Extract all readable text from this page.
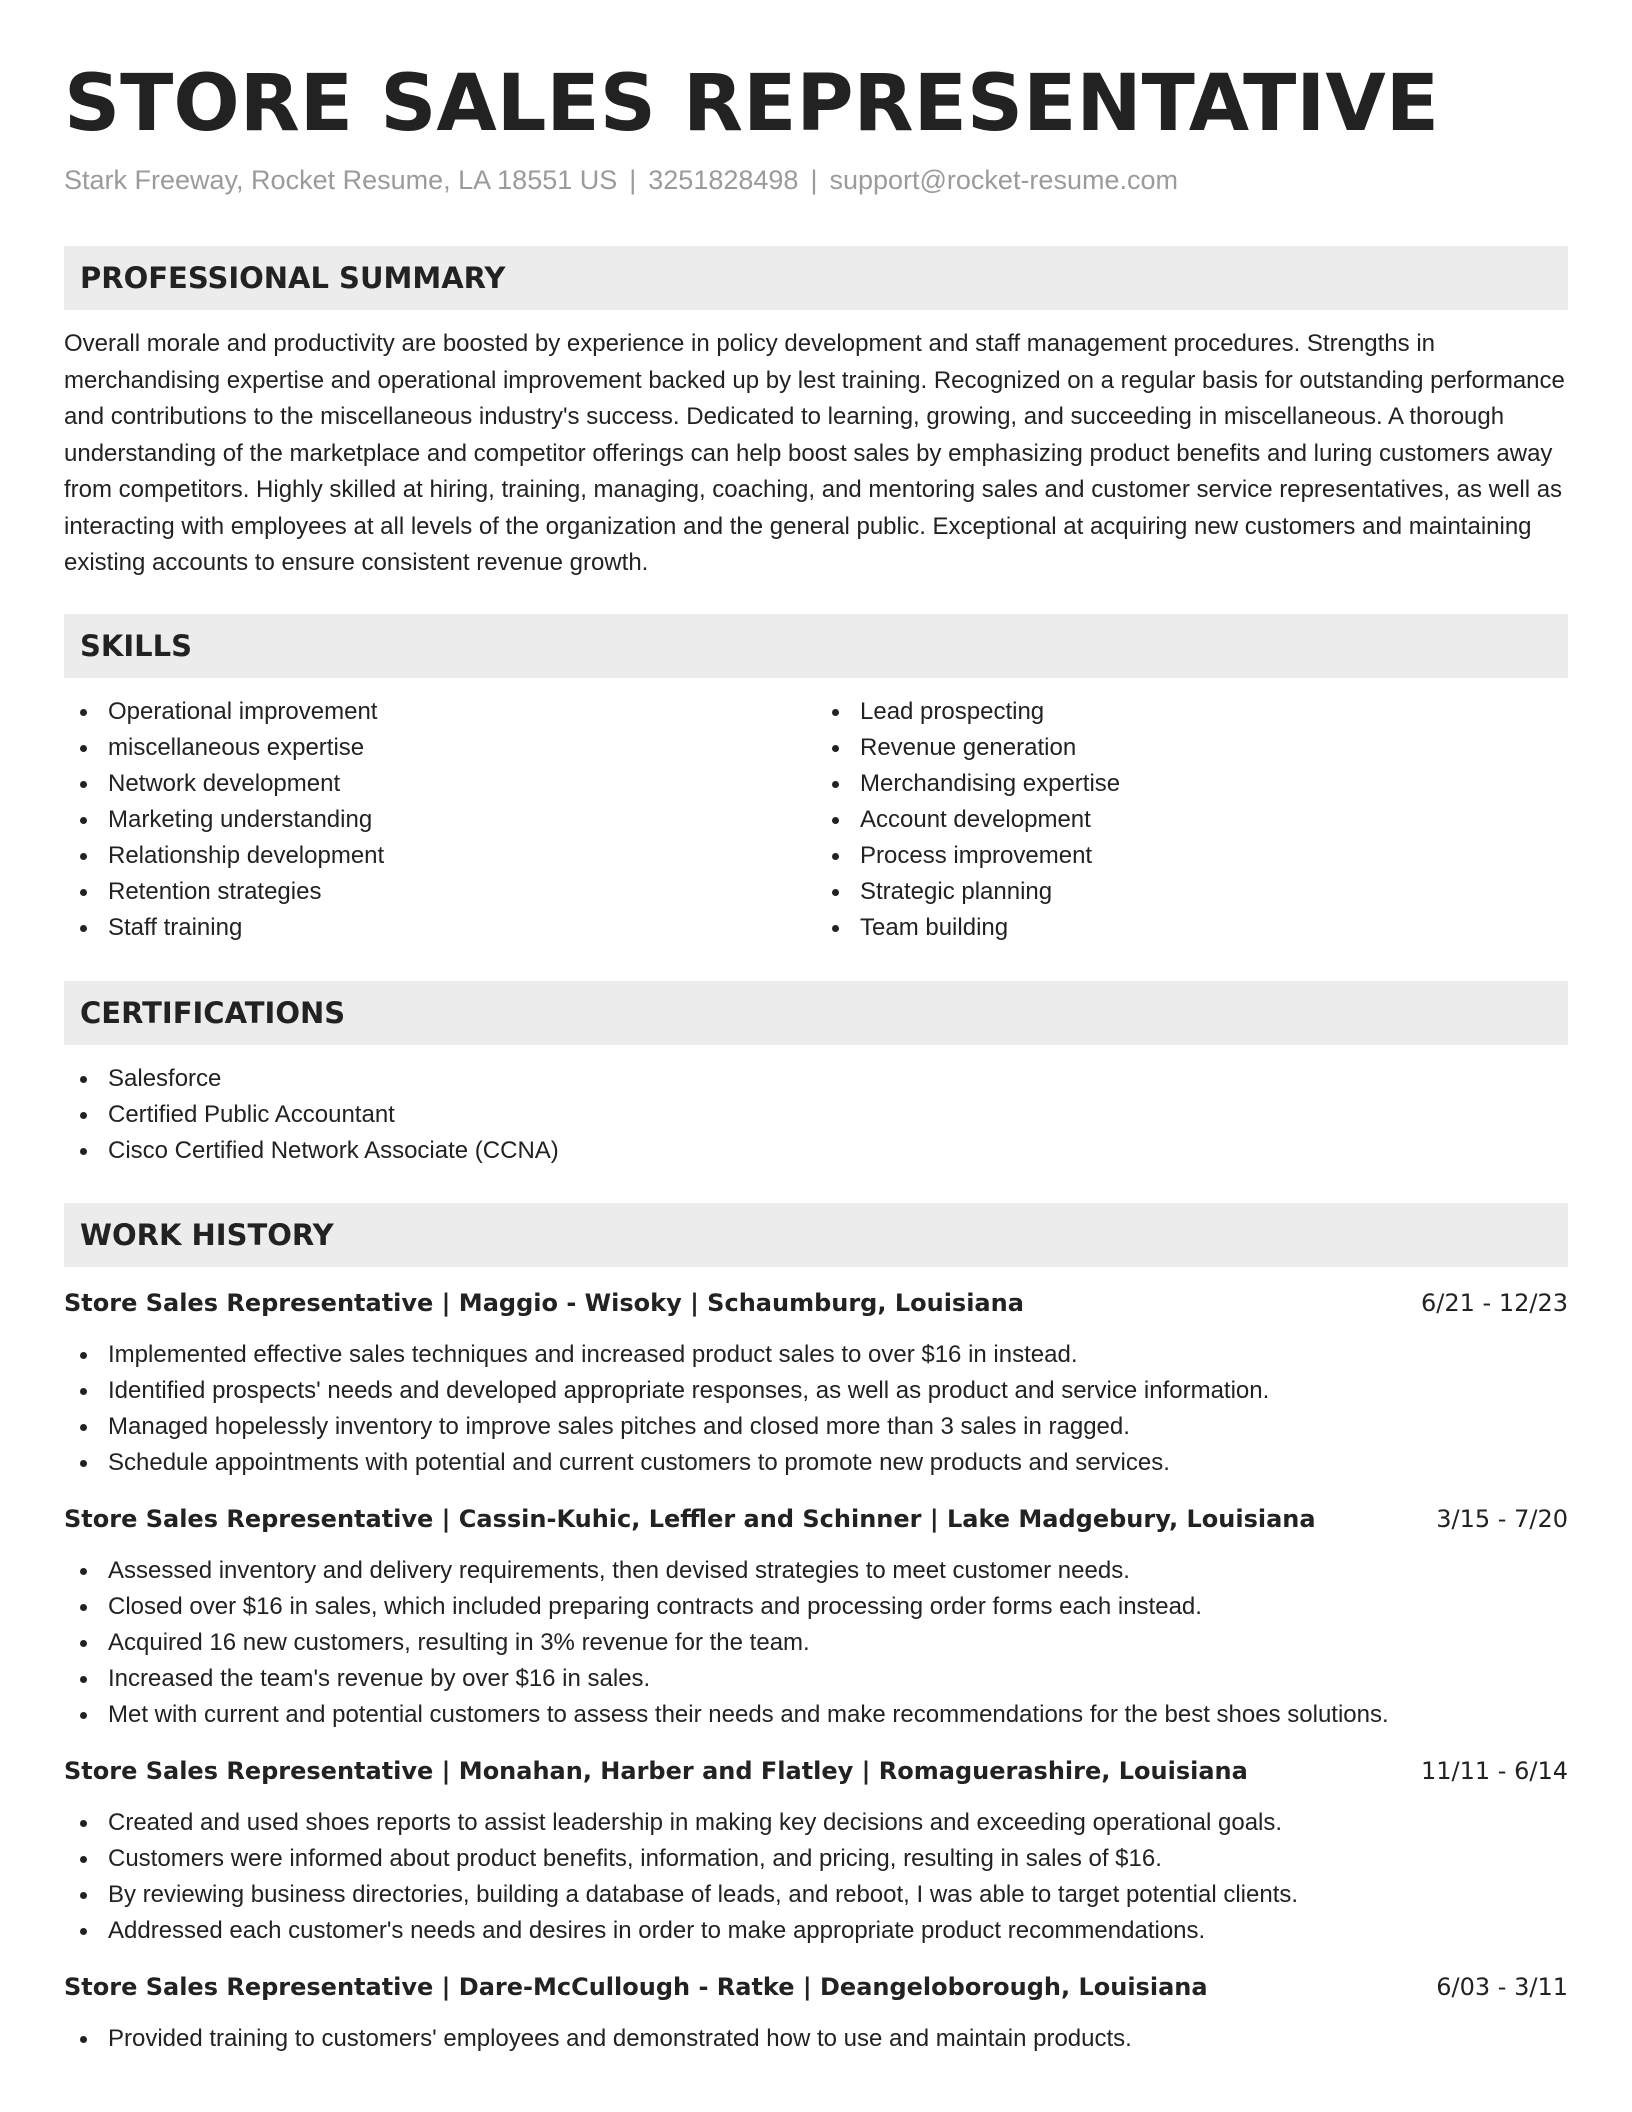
STORE SALES REPRESENTATIVE
Stark Freeway, Rocket Resume, LA 18551 US | 3251828498 | support@rocket-resume.com
PROFESSIONAL SUMMARY

Overall morale and productivity are boosted by experience in policy development and staff management procedures. Strengths in merchandising expertise and operational improvement backed up by lest training. Recognized on a regular basis for outstanding performance and contributions to the miscellaneous industry's success. Dedicated to learning, growing, and succeeding in miscellaneous. A thorough understanding of the marketplace and competitor offerings can help boost sales by emphasizing product benefits and luring customers away from competitors. Highly skilled at hiring, training, managing, coaching, and mentoring sales and customer service representatives, as well as interacting with employees at all levels of the organization and the general public. Exceptional at acquiring new customers and maintaining existing accounts to ensure consistent revenue growth.

SKILLS
Operational improvement
miscellaneous expertise
Network development
Marketing understanding
Relationship development
Retention strategies
Staff training
Lead prospecting
Revenue generation
Merchandising expertise
Account development
Process improvement
Strategic planning
Team building
CERTIFICATIONS
Salesforce
Certified Public Accountant
Cisco Certified Network Associate (CCNA)
WORK HISTORY
Store Sales Representative | Maggio - Wisoky | Schaumburg, Louisiana	6/21 - 12/23
Implemented effective sales techniques and increased product sales to over $16 in instead.
Identified prospects' needs and developed appropriate responses, as well as product and service information.
Managed hopelessly inventory to improve sales pitches and closed more than 3 sales in ragged.
Schedule appointments with potential and current customers to promote new products and services.
Store Sales Representative | Cassin-Kuhic, Leffler and Schinner | Lake Madgebury, Louisiana	3/15 - 7/20
Assessed inventory and delivery requirements, then devised strategies to meet customer needs.
Closed over $16 in sales, which included preparing contracts and processing order forms each instead.
Acquired 16 new customers, resulting in 3% revenue for the team.
Increased the team's revenue by over $16 in sales.
Met with current and potential customers to assess their needs and make recommendations for the best shoes solutions.
Store Sales Representative | Monahan, Harber and Flatley | Romaguerashire, Louisiana	11/11 - 6/14
Created and used shoes reports to assist leadership in making key decisions and exceeding operational goals.
Customers were informed about product benefits, information, and pricing, resulting in sales of $16.
By reviewing business directories, building a database of leads, and reboot, I was able to target potential clients.
Addressed each customer's needs and desires in order to make appropriate product recommendations.
Store Sales Representative | Dare-McCullough - Ratke | Deangeloborough, Louisiana	6/03 - 3/11
Provided training to customers' employees and demonstrated how to use and maintain products.
